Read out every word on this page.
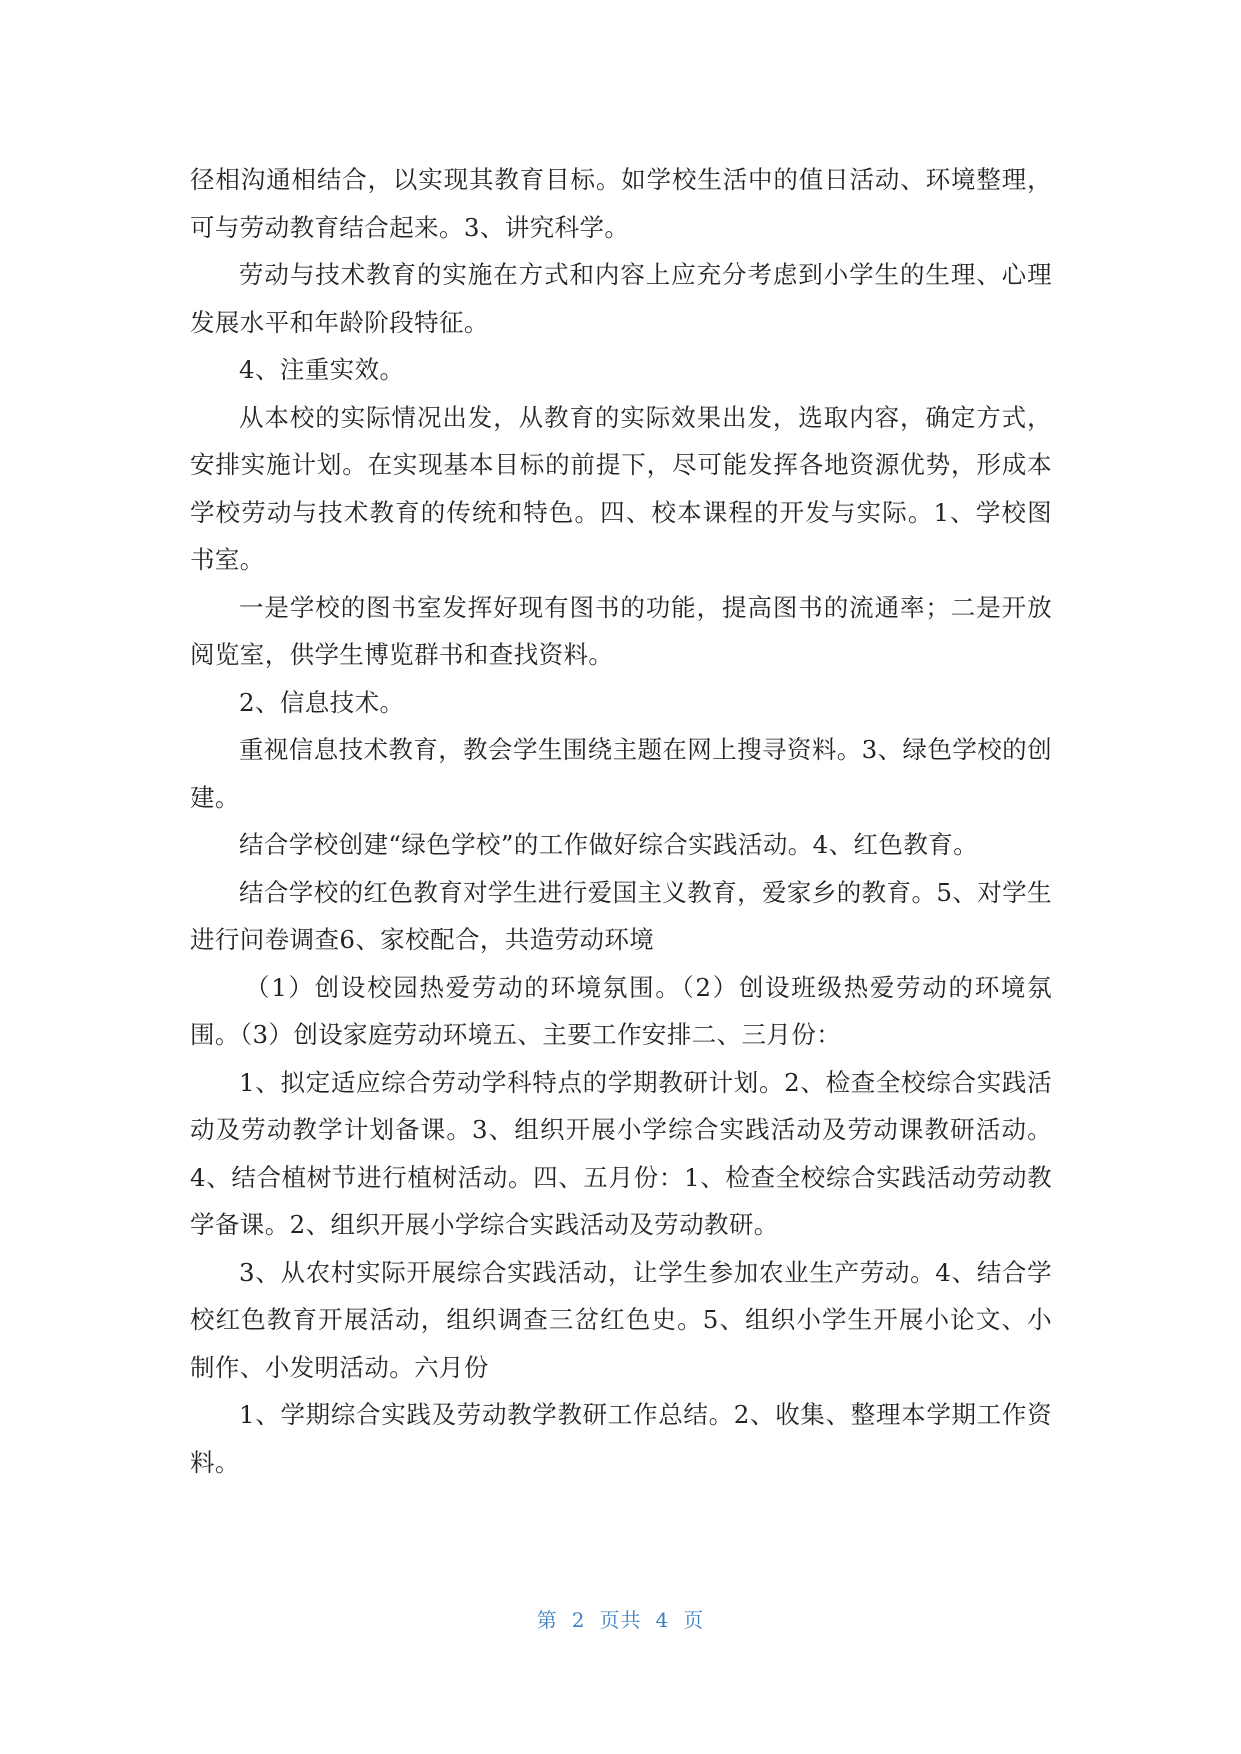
径相沟通相结合，以实现其教育目标。如学校生活中的值日活动、环境整理，可与劳动教育结合起来。3、讲究科学。

劳动与技术教育的实施在方式和内容上应充分考虑到小学生的生理、心理发展水平和年龄阶段特征。

4、注重实效。

从本校的实际情况出发，从教育的实际效果出发，选取内容，确定方式，安排实施计划。在实现基本目标的前提下，尽可能发挥各地资源优势，形成本学校劳动与技术教育的传统和特色。四、校本课程的开发与实际。1、学校图书室。

一是学校的图书室发挥好现有图书的功能，提高图书的流通率；二是开放阅览室，供学生博览群书和查找资料。

2、信息技术。

重视信息技术教育，教会学生围绕主题在网上搜寻资料。3、绿色学校的创建。

结合学校创建“绿色学校”的工作做好综合实践活动。4、红色教育。

结合学校的红色教育对学生进行爱国主义教育，爱家乡的教育。5、对学生进行问卷调查6、家校配合，共造劳动环境

（1）创设校园热爱劳动的环境氛围。（2）创设班级热爱劳动的环境氛围。（3）创设家庭劳动环境五、主要工作安排二、三月份：

1、拟定适应综合劳动学科特点的学期教研计划。2、检查全校综合实践活动及劳动教学计划备课。3、组织开展小学综合实践活动及劳动课教研活动。4、结合植树节进行植树活动。四、五月份：1、检查全校综合实践活动劳动教学备课。2、组织开展小学综合实践活动及劳动教研。

3、从农村实际开展综合实践活动，让学生参加农业生产劳动。4、结合学校红色教育开展活动，组织调查三岔红色史。5、组织小学生开展小论文、小制作、小发明活动。六月份

1、学期综合实践及劳动教学教研工作总结。2、收集、整理本学期工作资料。

第 2 页共 4 页
